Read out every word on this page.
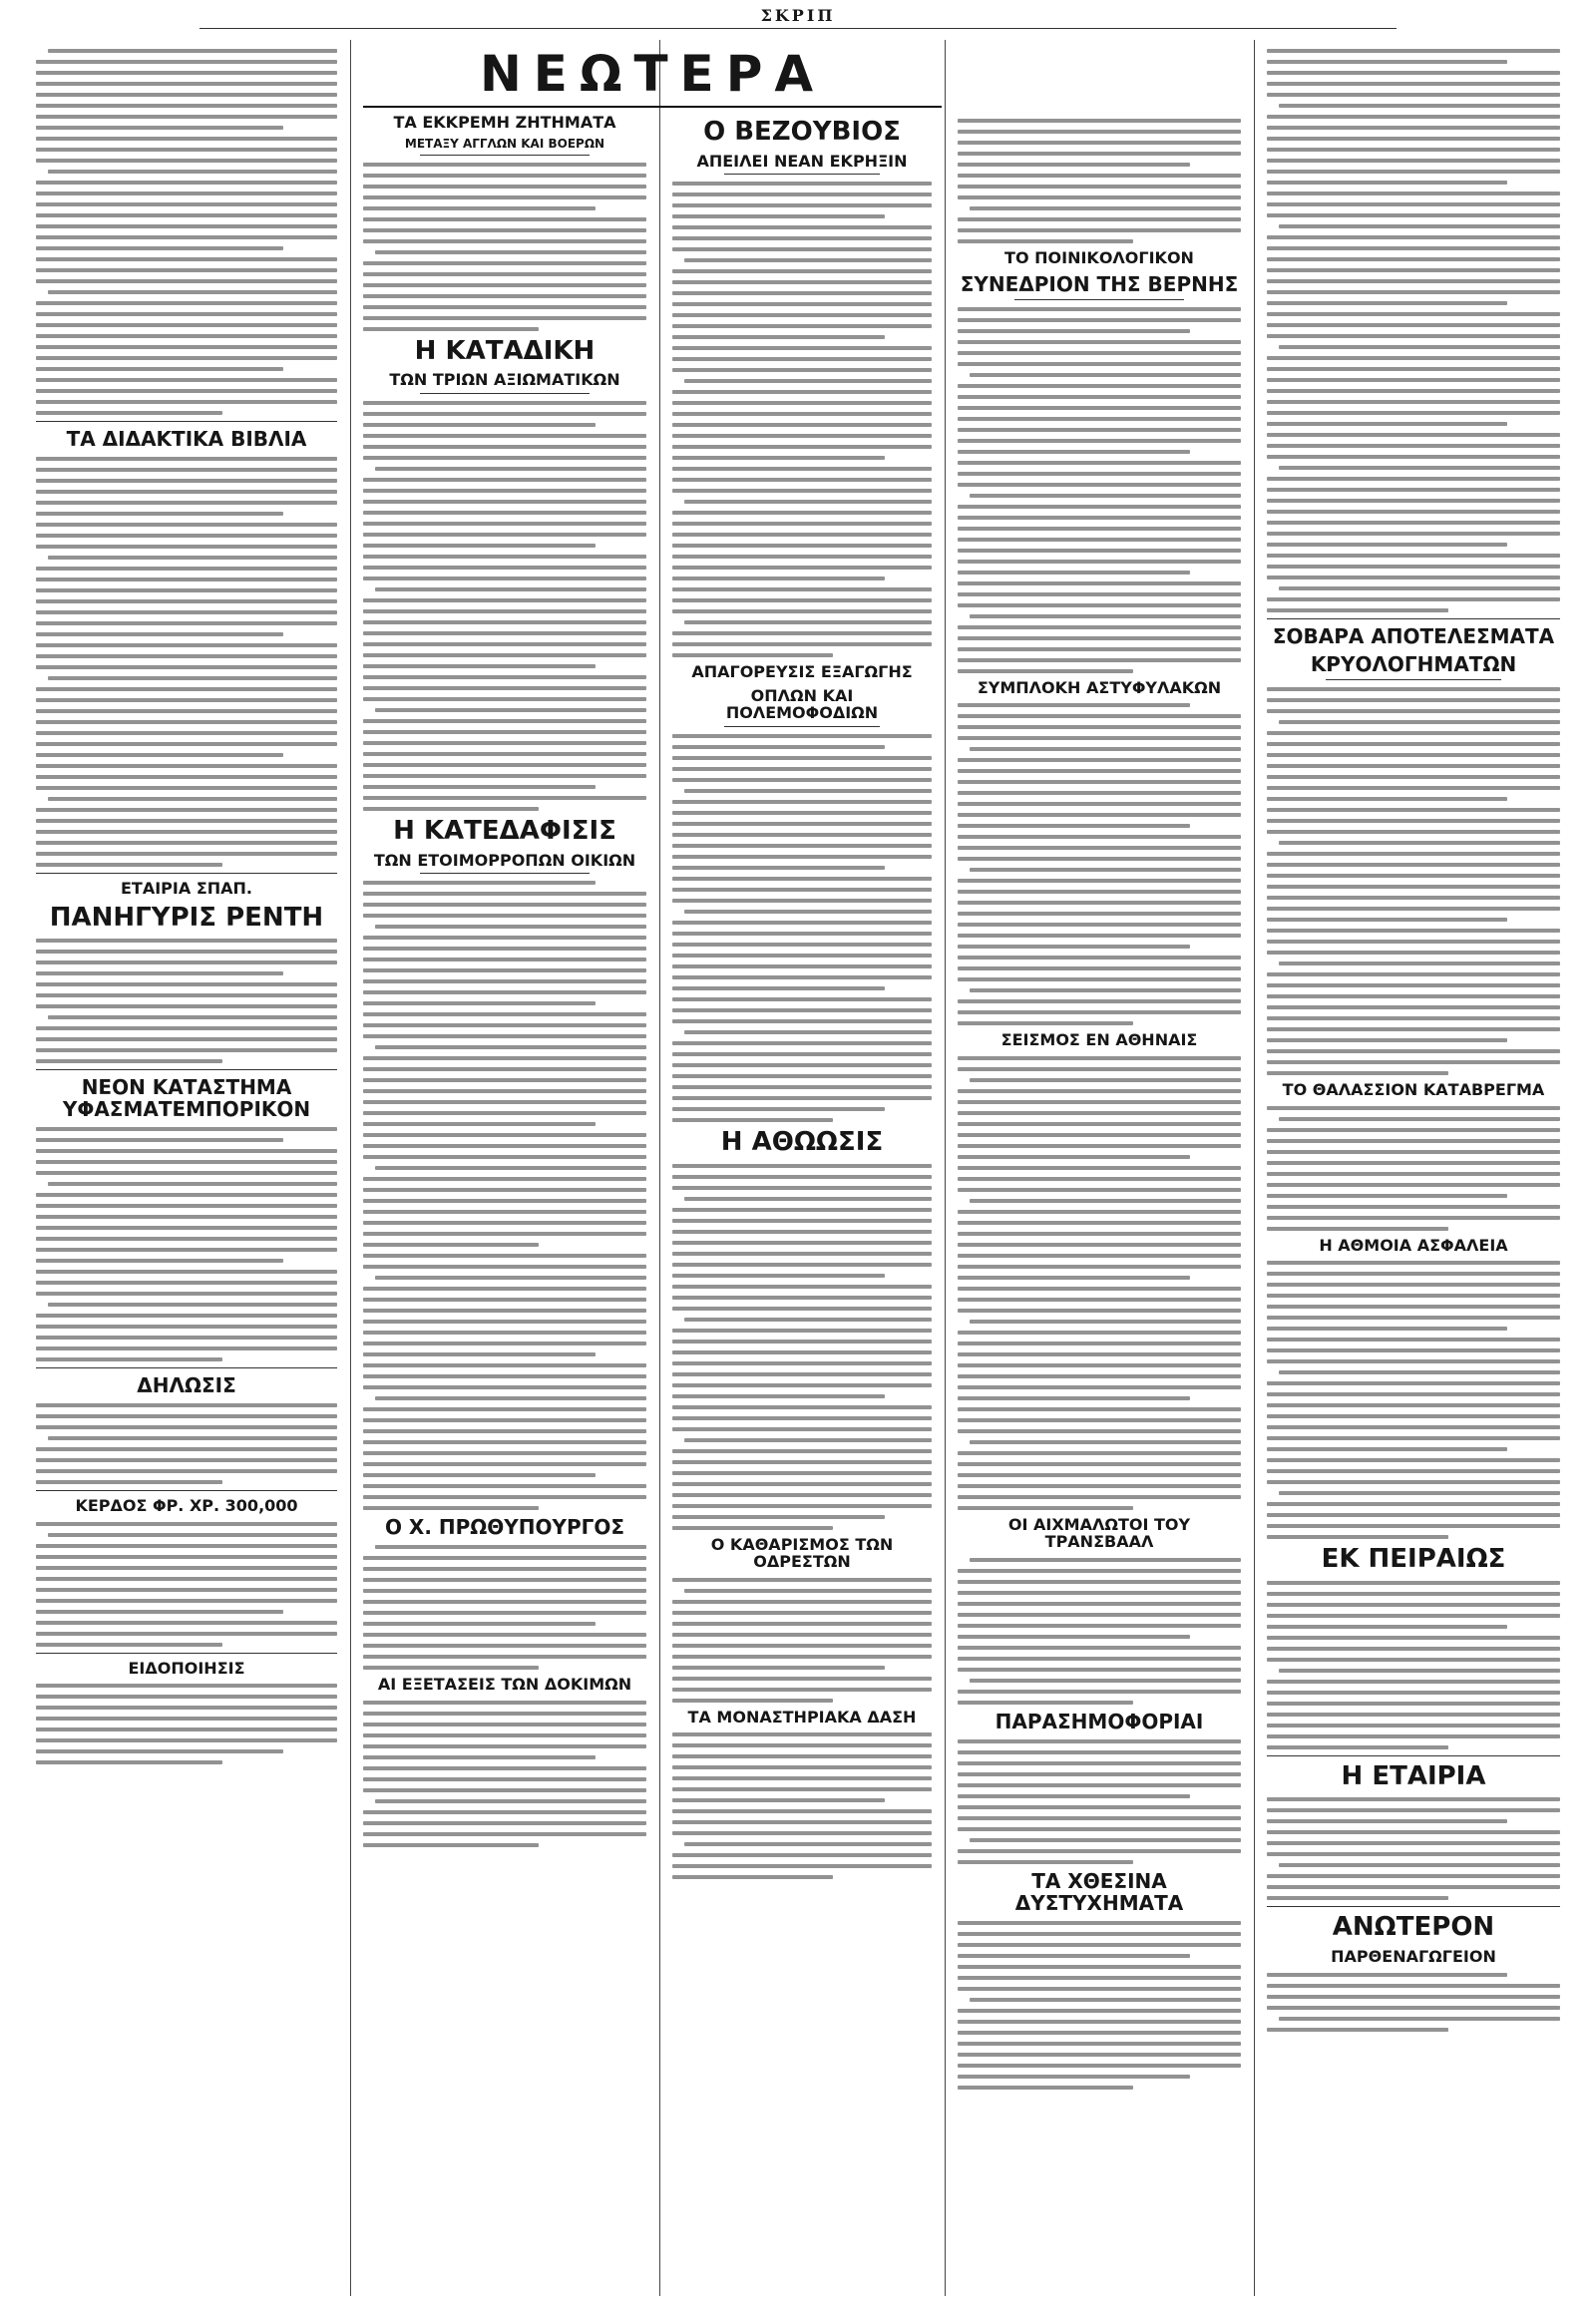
ΣΚΡΙΠ
ΤΑ ΔΙΔΑΚΤΙΚΑ ΒΙΒΛΙΑ
ΕΤΑΙΡΙΑ ΣΠΑΠ.
ΠΑΝΗΓΥΡΙΣ ΡΕΝΤΗ
ΝΕΟΝ ΚΑΤΑΣΤΗΜΑ ΥΦΑΣΜΑΤΕΜΠΟΡΙΚΟΝ
ΔΗΛΩΣΙΣ
ΚΕΡΔΟΣ ΦΡ. ΧΡ. 300,000
ΕΙΔΟΠΟΙΗΣΙΣ
ΝΕΩΤΕΡΑ
ΤΑ ΕΚΚΡΕΜΗ ΖΗΤΗΜΑΤΑ
ΜΕΤΑΞΥ ΑΓΓΛΩΝ ΚΑΙ ΒΟΕΡΩΝ
Η ΚΑΤΑΔΙΚΗ
ΤΩΝ ΤΡΙΩΝ ΑΞΙΩΜΑΤΙΚΩΝ
Η ΚΑΤΕΔΑΦΙΣΙΣ
ΤΩΝ ΕΤΟΙΜΟΡΡΟΠΩΝ ΟΙΚΙΩΝ
Ο Χ. ΠΡΩΘΥΠΟΥΡΓΟΣ
ΑΙ ΕΞΕΤΑΣΕΙΣ ΤΩΝ ΔΟΚΙΜΩΝ
Ο ΒΕΖΟΥΒΙΟΣ
ΑΠΕΙΛΕΙ ΝΕΑΝ ΕΚΡΗΞΙΝ
ΑΠΑΓΟΡΕΥΣΙΣ ΕΞΑΓΩΓΗΣ
ΟΠΛΩΝ ΚΑΙ ΠΟΛΕΜΟΦΟΔΙΩΝ
Η ΑΘΩΩΣΙΣ
Ο ΚΑΘΑΡΙΣΜΟΣ ΤΩΝ ΟΔΡΕΣΤΩΝ
ΤΑ ΜΟΝΑΣΤΗΡΙΑΚΑ ΔΑΣΗ
ΤΟ ΠΟΙΝΙΚΟΛΟΓΙΚΟΝ
ΣΥΝΕΔΡΙΟΝ ΤΗΣ ΒΕΡΝΗΣ
ΣΥΜΠΛΟΚΗ ΑΣΤΥΦΥΛΑΚΩΝ
ΣΕΙΣΜΟΣ ΕΝ ΑΘΗΝΑΙΣ
ΟΙ ΑΙΧΜΑΛΩΤΟΙ ΤΟΥ ΤΡΑΝΣΒΑΑΛ
ΠΑΡΑΣΗΜΟΦΟΡΙΑΙ
ΤΑ ΧΘΕΣΙΝΑ ΔΥΣΤΥΧΗΜΑΤΑ
ΣΟΒΑΡΑ ΑΠΟΤΕΛΕΣΜΑΤΑ
ΚΡΥΟΛΟΓΗΜΑΤΩΝ
ΤΟ ΘΑΛΑΣΣΙΟΝ ΚΑΤΑΒΡΕΓΜΑ
Η ΑΘΜΟΙΑ ΑΣΦΑΛΕΙΑ
ΕΚ ΠΕΙΡΑΙΩΣ
Η ΕΤΑΙΡΙΑ
ΑΝΩΤΕΡΟΝ
ΠΑΡΘΕΝΑΓΩΓΕΙΟΝ
